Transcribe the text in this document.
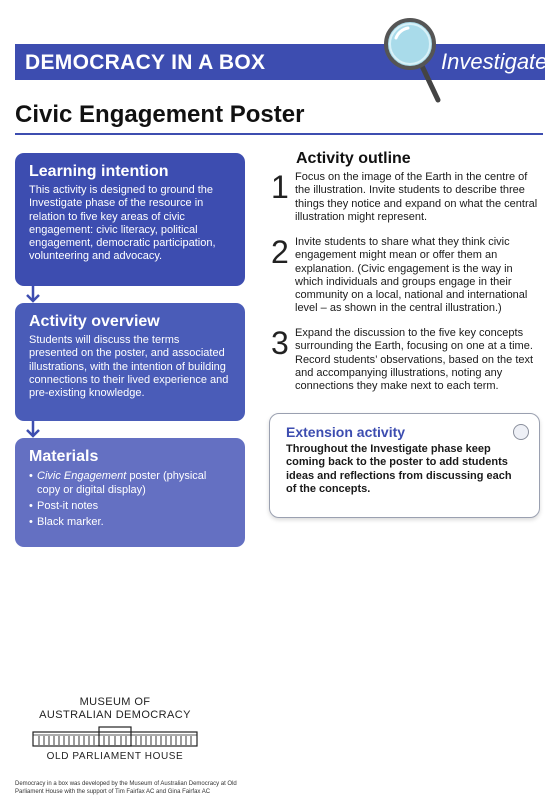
DEMOCRACY IN A BOX	Investigate
Civic Engagement Poster
Learning intention
This activity is designed to ground the Investigate phase of the resource in relation to five key areas of civic engagement: civic literacy, political engagement, democratic participation, volunteering and advocacy.
Activity overview
Students will discuss the terms presented on the poster, and associated illustrations, with the intention of building connections to their lived experience and pre-existing knowledge.
Materials
• Civic Engagement poster (physical copy or digital display)
• Post-it notes
• Black marker.
Activity outline
1 Focus on the image of the Earth in the centre of the illustration. Invite students to describe three things they notice and expand on what the central illustration might represent.
2 Invite students to share what they think civic engagement might mean or offer them an explanation. (Civic engagement is the way in which individuals and groups engage in their community on a local, national and international level – as shown in the central illustration.)
3 Expand the discussion to the five key concepts surrounding the Earth, focusing on one at a time. Record students’ observations, based on the text and accompanying illustrations, noting any connections they make next to each term.
Extension activity
Throughout the Investigate phase keep coming back to the poster to add students ideas and reflections from discussing each of the concepts.
MUSEUM OF
AUSTRALIAN DEMOCRACY
OLD PARLIAMENT HOUSE
Democracy in a box was developed by the Museum of Australian Democracy at Old Parliament House with the support of Tim Fairfax AC and Gina Fairfax AC
